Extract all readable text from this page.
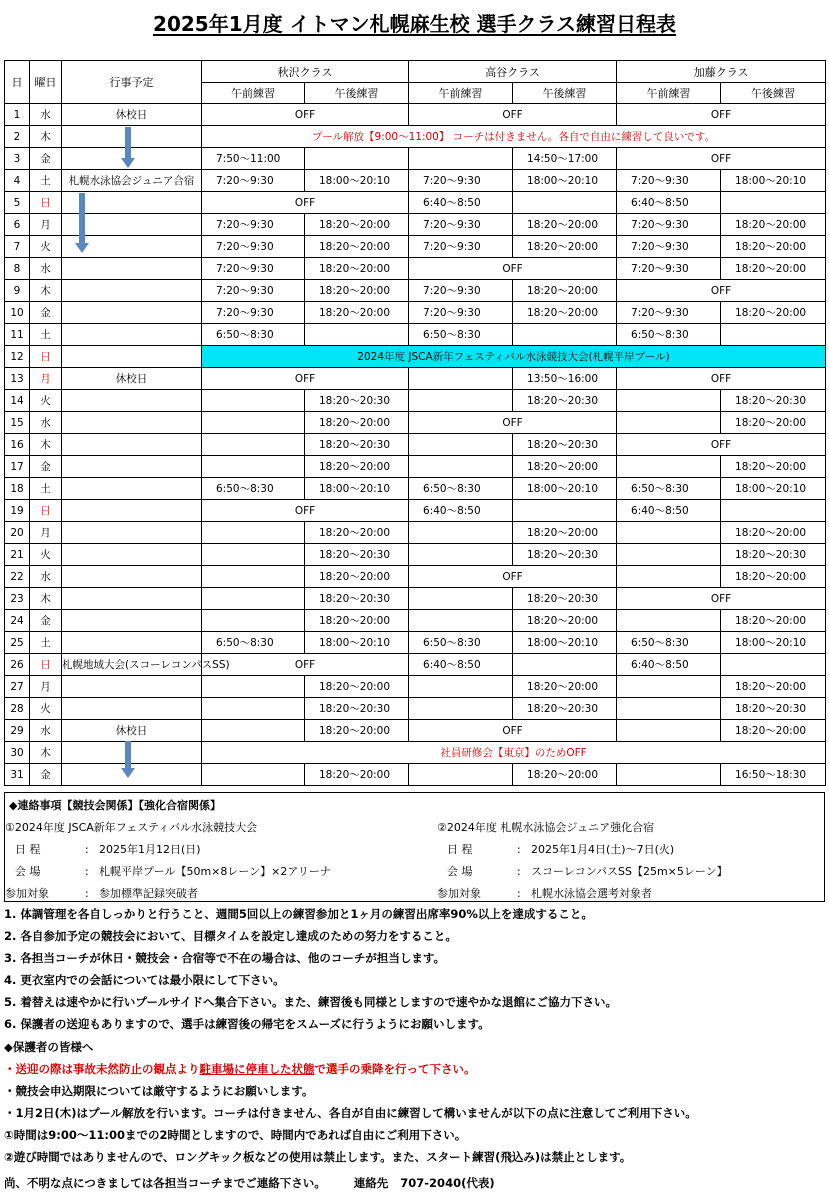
2025年1月度 イトマン札幌麻生校 選手クラス練習日程表
日	曜日	行事予定	秋沢クラス		高谷クラス		加藤クラス	
			午前練習	午後練習	午前練習	午後練習	午前練習	午後練習
1	水	休校日	OFF		OFF		OFF	
2	木		プール解放【9:00～11:00】 コーチは付きません。各自で自由に練習して良いです。					
3	金		7:50～11:00			14:50～17:00	OFF	
4	土	札幌水泳協会ジュニア合宿	7:20～9:30	18:00～20:10	7:20～9:30	18:00～20:10	7:20～9:30	18:00～20:10
5	日		OFF		6:40～8:50		6:40～8:50	
6	月		7:20～9:30	18:20～20:00	7:20～9:30	18:20～20:00	7:20～9:30	18:20～20:00
7	火		7:20～9:30	18:20～20:00	7:20～9:30	18:20～20:00	7:20～9:30	18:20～20:00
8	水		7:20～9:30	18:20～20:00	OFF		7:20～9:30	18:20～20:00
9	木		7:20～9:30	18:20～20:00	7:20～9:30	18:20～20:00	OFF	
10	金		7:20～9:30	18:20～20:00	7:20～9:30	18:20～20:00	7:20～9:30	18:20～20:00
11	土		6:50～8:30		6:50～8:30		6:50～8:30	
12	日		2024年度 JSCA新年フェスティバル水泳競技大会(札幌平岸プール)					
13	月	休校日	OFF			13:50～16:00	OFF	
14	火			18:20～20:30		18:20～20:30		18:20～20:30
15	水			18:20～20:00	OFF			18:20～20:00
16	木			18:20～20:30		18:20～20:30	OFF	
17	金			18:20～20:00		18:20～20:00		18:20～20:00
18	土		6:50～8:30	18:00～20:10	6:50～8:30	18:00～20:10	6:50～8:30	18:00～20:10
19	日		OFF		6:40～8:50		6:40～8:50	
20	月			18:20～20:00		18:20～20:00		18:20～20:00
21	火			18:20～20:30		18:20～20:30		18:20～20:30
22	水			18:20～20:00	OFF			18:20～20:00
23	木			18:20～20:30		18:20～20:30	OFF	
24	金			18:20～20:00		18:20～20:00		18:20～20:00
25	土		6:50～8:30	18:00～20:10	6:50～8:30	18:00～20:10	6:50～8:30	18:00～20:10
26	日	札幌地域大会(スコーレコンパスSS)	OFF		6:40～8:50		6:40～8:50	
27	月			18:20～20:00		18:20～20:00		18:20～20:00
28	火			18:20～20:30		18:20～20:30		18:20～20:30
29	水	休校日		18:20～20:00	OFF			18:20～20:00
30	木		社員研修会【東京】のためOFF					
31	金			18:20～20:00		18:20～20:00		16:50～18:30
◆連絡事項【競技会関係】【強化合宿関係】
①2024年度 JSCA新年フェスティバル水泳競技大会
日 程	: 2025年1月12日(日)
会 場	: 札幌平岸プール【50m×8レーン】×2アリーナ
参加対象	: 参加標準記録突破者
②2024年度 札幌水泳協会ジュニア強化合宿
日 程	: 2025年1月4日(土)～7日(火)
会 場	: スコーレコンパスSS【25m×5レーン】
参加対象	: 札幌水泳協会選考対象者
1. 体調管理を各自しっかりと行うこと、週間5回以上の練習参加と1ヶ月の練習出席率90%以上を達成すること。
2. 各自参加予定の競技会において、目標タイムを設定し達成のための努力をすること。
3. 各担当コーチが休日・競技会・合宿等で不在の場合は、他のコーチが担当します。
4. 更衣室内での会話については最小限にして下さい。
5. 着替えは速やかに行いプールサイドへ集合下さい。また、練習後も同様としますので速やかな退館にご協力下さい。
6. 保護者の送迎もありますので、選手は練習後の帰宅をスムーズに行うようにお願いします。
◆保護者の皆様へ
・送迎の際は事故未然防止の観点より駐車場に停車した状態で選手の乗降を行って下さい。
・競技会申込期限については厳守するようにお願いします。
・1月2日(木)はプール解放を行います。コーチは付きません、各自が自由に練習して構いませんが以下の点に注意してご利用下さい。
①時間は9:00～11:00までの2時間としますので、時間内であれば自由にご利用下さい。
②遊び時間ではありませんので、ロングキック板などの使用は禁止します。また、スタート練習(飛込み)は禁止とします。
尚、不明な点につきましては各担当コーチまでご連絡下さい。 連絡先 707-2040(代表)
